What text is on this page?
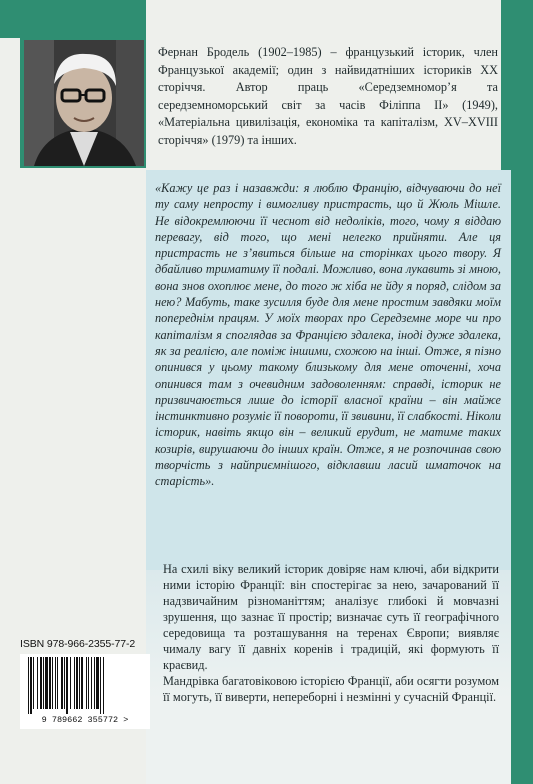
Фернан Бродель (1902–1985) – французький історик, член Французької академії; один з найвидатніших істориків XX сторіччя. Автор праць «Середземномор’я та середземноморський світ за часів Філіппа II» (1949), «Матеріальна цивилізація, економіка та капіталізм, XV–XVIII сторіччя» (1979) та інших.
«Кажу це раз і назавжди: я люблю Францію, відчуваючи до неї ту саму непросту і вимогливу пристрасть, що й Жюль Мішле. Не відокремлюючи її чеснот від недоліків, того, чому я віддаю перевагу, від того, що мені нелегко прийняти. Але ця пристрасть не з’явиться більше на сторінках цього твору. Я дбайливо триматиму її подалі. Можливо, вона лукавить зі мною, вона знов охоплює мене, до того ж хіба не йду я поряд, слідом за нею? Мабуть, таке зусилля буде для мене простим завдяки моїм попереднім працям. У моїх творах про Середземне море чи про капіталізм я споглядав за Францією здалека, іноді дуже здалека, як за реалією, але поміж іншими, схожою на інші. Отже, я пізно опинився у цьому такому близькому для мене оточенні, хоча опинився там з очевидним задоволенням: справді, історик не призвичаюється лише до історії власної країни – він майже інстинктивно розуміє її повороти, її звивини, її слабкості. Ніколи історик, навіть якщо він – великий ерудит, не матиме таких козирів, вирушаючи до інших країн. Отже, я не розпочинав свою творчість з найприємнішого, відклавши ласий шматочок на старість».

На схилі віку великий історик довіряє нам ключі, аби відкрити ними історію Франції: він спостерігає за нею, зачарований її надзвичайним різноманіттям; аналізує глибокі й мовчазні зрушення, що зазнає її простір; визначає суть її географічного середовища та розташування на теренах Європи; виявляє чималу вагу її давніх коренів і традицій, які формують її краєвид.

Мандрівка багатовіковою історією Франції, аби осягти розумом її могуть, її виверти, непереборні і незмінні у сучасній Франції.

ISBN 978-966-2355-77-2
9 789662 355772 >
